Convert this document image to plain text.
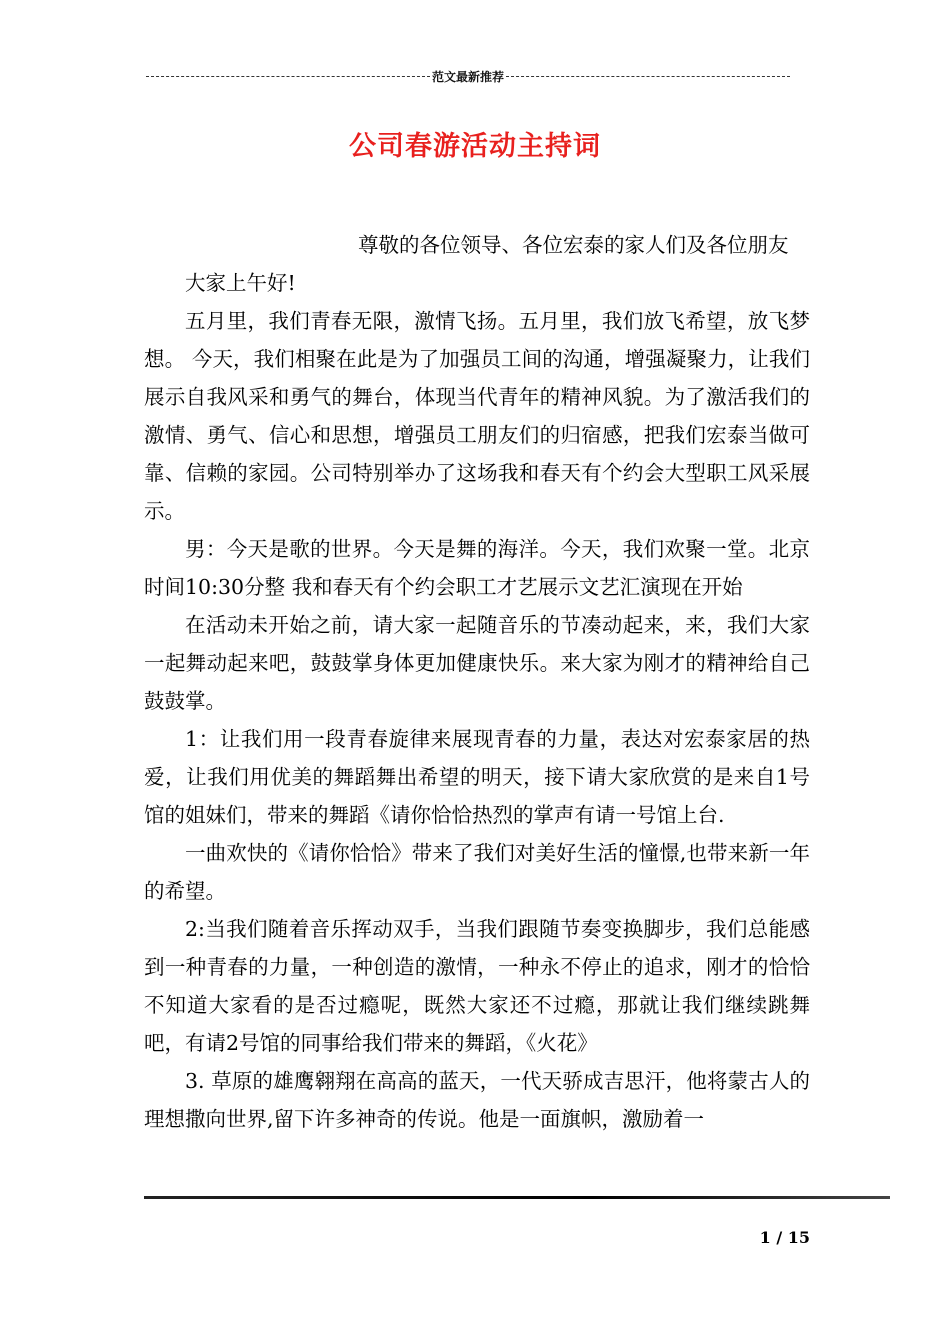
范文最新推荐
公司春游活动主持词

尊敬的各位领导、各位宏泰的家人们及各位朋友

大家上午好!

五月里，我们青春无限，激情飞扬。五月里，我们放飞希望，放飞梦想。 今天，我们相聚在此是为了加强员工间的沟通，增强凝聚力，让我们展示自我风采和勇气的舞台，体现当代青年的精神风貌。为了激活我们的激情、勇气、信心和思想，增强员工朋友们的归宿感，把我们宏泰当做可靠、信赖的家园。公司特别举办了这场我和春天有个约会大型职工风采展示。

男：今天是歌的世界。今天是舞的海洋。今天，我们欢聚一堂。北京时间10:30分整 我和春天有个约会职工才艺展示文艺汇演现在开始

在活动未开始之前，请大家一起随音乐的节凑动起来，来，我们大家一起舞动起来吧，鼓鼓掌身体更加健康快乐。来大家为刚才的精神给自己鼓鼓掌。

1：让我们用一段青春旋律来展现青春的力量，表达对宏泰家居的热爱，让我们用优美的舞蹈舞出希望的明天，接下请大家欣赏的是来自1号馆的姐妹们，带来的舞蹈《请你恰恰热烈的掌声有请一号馆上台.

一曲欢快的《请你恰恰》带来了我们对美好生活的憧憬,也带来新一年的希望。

2:当我们随着音乐挥动双手，当我们跟随节奏变换脚步，我们总能感到一种青春的力量，一种创造的激情，一种永不停止的追求，刚才的恰恰不知道大家看的是否过瘾呢，既然大家还不过瘾，那就让我们继续跳舞吧，有请2号馆的同事给我们带来的舞蹈，《火花》

3. 草原的雄鹰翱翔在高高的蓝天，一代天骄成吉思汗，他将蒙古人的理想撒向世界,留下许多神奇的传说。他是一面旗帜，激励着一

1 / 15
